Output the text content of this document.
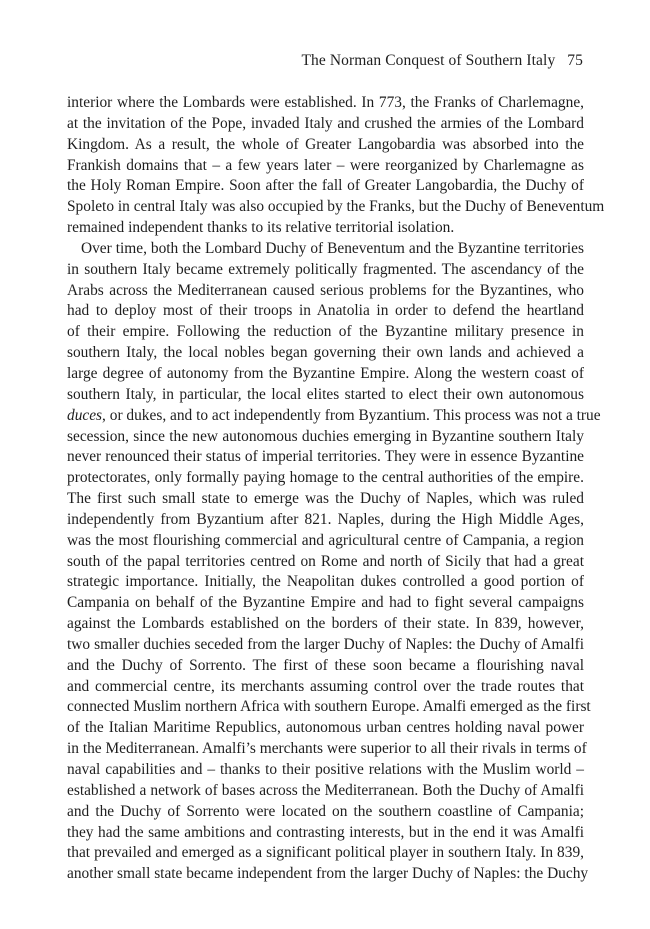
The Norman Conquest of Southern Italy 75
interior where the Lombards were established. In 773, the Franks of Charlemagne,
at the invitation of the Pope, invaded Italy and crushed the armies of the Lombard
Kingdom. As a result, the whole of Greater Langobardia was absorbed into the
Frankish domains that – a few years later – were reorganized by Charlemagne as
the Holy Roman Empire. Soon after the fall of Greater Langobardia, the Duchy of
Spoleto in central Italy was also occupied by the Franks, but the Duchy of Beneventum
remained independent thanks to its relative territorial isolation.
Over time, both the Lombard Duchy of Beneventum and the Byzantine territories
in southern Italy became extremely politically fragmented. The ascendancy of the
Arabs across the Mediterranean caused serious problems for the Byzantines, who
had to deploy most of their troops in Anatolia in order to defend the heartland
of their empire. Following the reduction of the Byzantine military presence in
southern Italy, the local nobles began governing their own lands and achieved a
large degree of autonomy from the Byzantine Empire. Along the western coast of
southern Italy, in particular, the local elites started to elect their own autonomous
duces, or dukes, and to act independently from Byzantium. This process was not a true
secession, since the new autonomous duchies emerging in Byzantine southern Italy
never renounced their status of imperial territories. They were in essence Byzantine
protectorates, only formally paying homage to the central authorities of the empire.
The first such small state to emerge was the Duchy of Naples, which was ruled
independently from Byzantium after 821. Naples, during the High Middle Ages,
was the most flourishing commercial and agricultural centre of Campania, a region
south of the papal territories centred on Rome and north of Sicily that had a great
strategic importance. Initially, the Neapolitan dukes controlled a good portion of
Campania on behalf of the Byzantine Empire and had to fight several campaigns
against the Lombards established on the borders of their state. In 839, however,
two smaller duchies seceded from the larger Duchy of Naples: the Duchy of Amalfi
and the Duchy of Sorrento. The first of these soon became a flourishing naval
and commercial centre, its merchants assuming control over the trade routes that
connected Muslim northern Africa with southern Europe. Amalfi emerged as the first
of the Italian Maritime Republics, autonomous urban centres holding naval power
in the Mediterranean. Amalfi’s merchants were superior to all their rivals in terms of
naval capabilities and – thanks to their positive relations with the Muslim world –
established a network of bases across the Mediterranean. Both the Duchy of Amalfi
and the Duchy of Sorrento were located on the southern coastline of Campania;
they had the same ambitions and contrasting interests, but in the end it was Amalfi
that prevailed and emerged as a significant political player in southern Italy. In 839,
another small state became independent from the larger Duchy of Naples: the Duchy
